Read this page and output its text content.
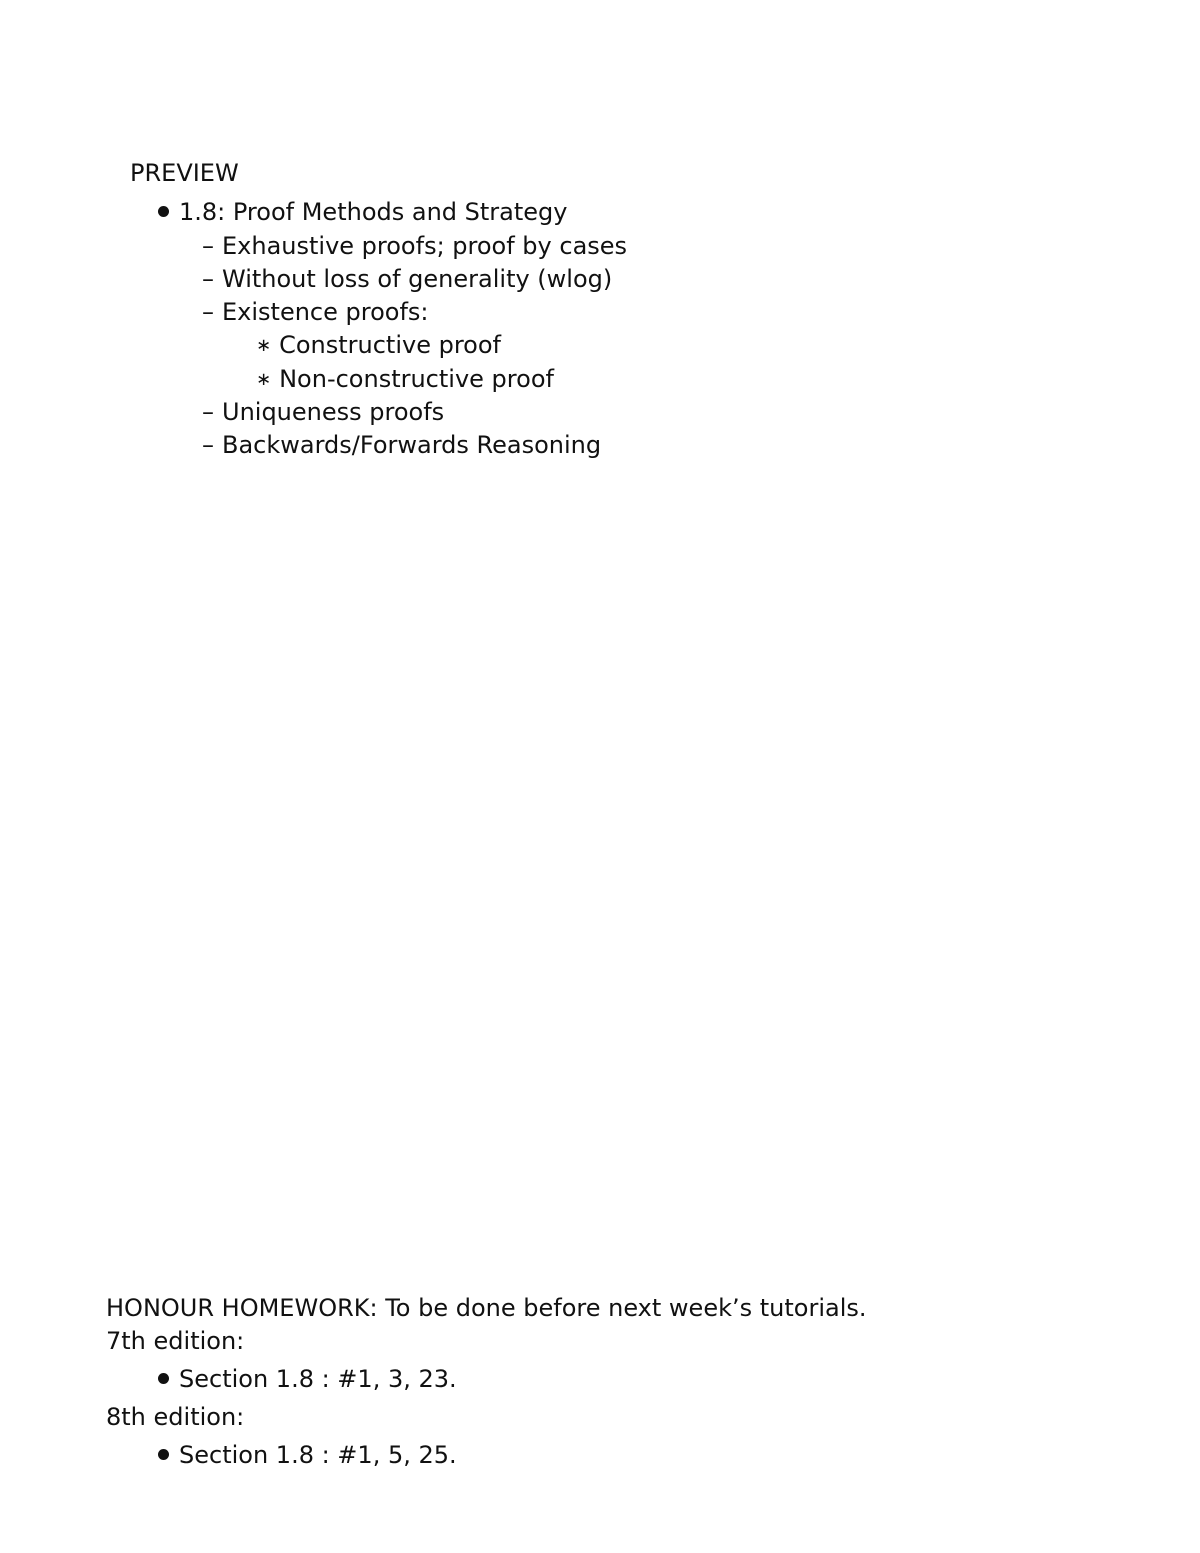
PREVIEW
1.8: Proof Methods and Strategy
– Exhaustive proofs; proof by cases
– Without loss of generality (wlog)
– Existence proofs:
∗ Constructive proof
∗ Non-constructive proof
– Uniqueness proofs
– Backwards/Forwards Reasoning
HONOUR HOMEWORK: To be done before next week’s tutorials.
7th edition:
Section 1.8 : #1, 3, 23.
8th edition:
Section 1.8 : #1, 5, 25.
